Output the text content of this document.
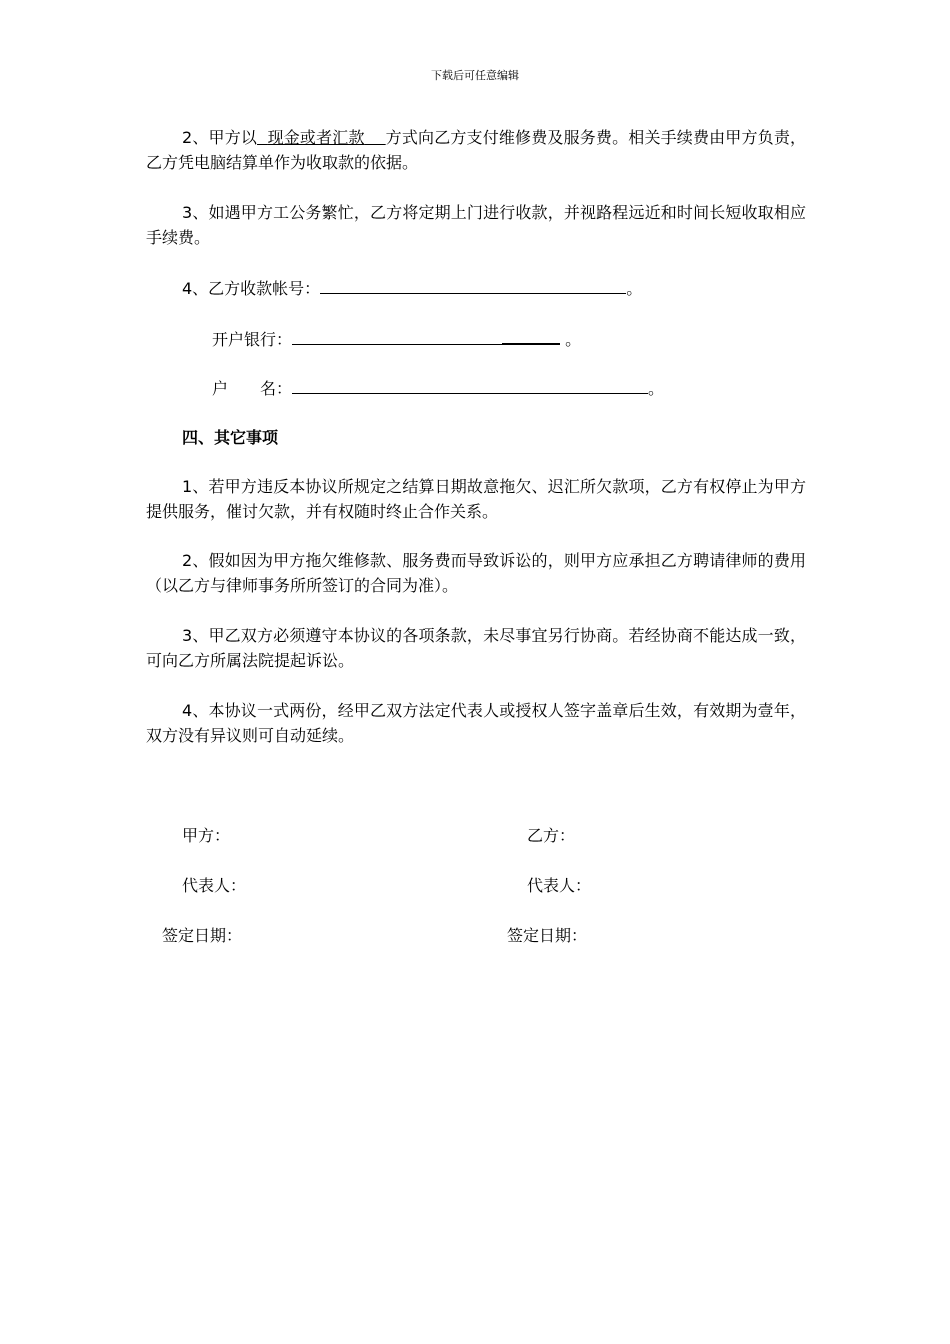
下载后可任意编辑

2、甲方以 现金或者汇款 方式向乙方支付维修费及服务费。相关手续费由甲方负责，乙方凭电脑结算单作为收取款的依据。

3、如遇甲方工公务繁忙，乙方将定期上门进行收款，并视路程远近和时间长短收取相应手续费。

4、乙方收款帐号：	。
开户银行：	。
户　　名：	。
四、其它事项

1、若甲方违反本协议所规定之结算日期故意拖欠、迟汇所欠款项，乙方有权停止为甲方提供服务，催讨欠款，并有权随时终止合作关系。

2、假如因为甲方拖欠维修款、服务费而导致诉讼的，则甲方应承担乙方聘请律师的费用（以乙方与律师事务所所签订的合同为准）。

3、甲乙双方必须遵守本协议的各项条款，未尽事宜另行协商。若经协商不能达成一致，可向乙方所属法院提起诉讼。

4、本协议一式两份，经甲乙双方法定代表人或授权人签字盖章后生效，有效期为壹年，双方没有异议则可自动延续。

甲方：	乙方：
代表人：	代表人：
签定日期：	签定日期：
